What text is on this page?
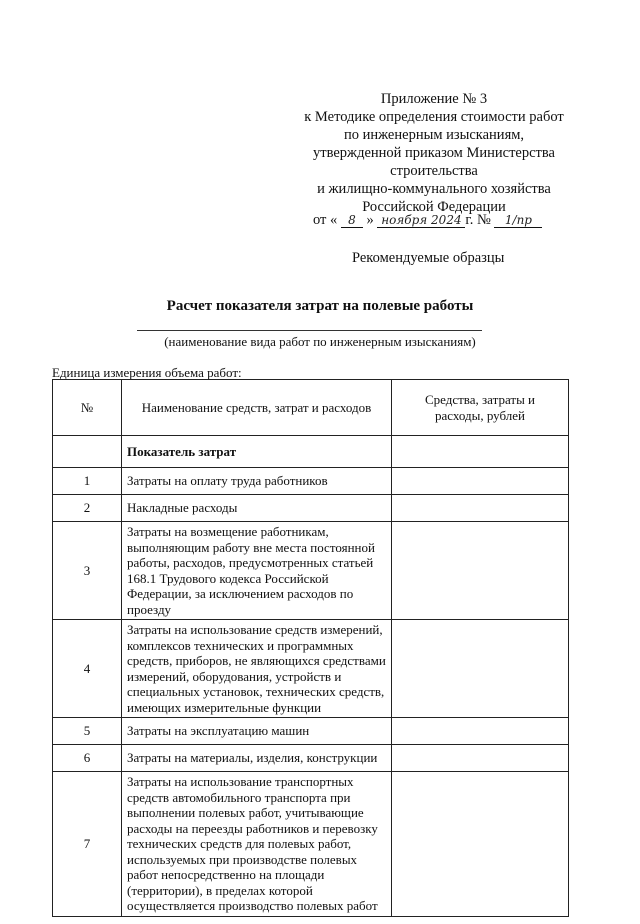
Приложение № 3
к Методике определения стоимости работ
по инженерным изысканиям,
утвержденной приказом Министерства
строительства
и жилищно-коммунального хозяйства
Российской Федерации
от « 8 » ноября 2024 г. № 1/пр
Рекомендуемые образцы
Расчет показателя затрат на полевые работы
(наименование вида работ по инженерным изысканиям)
Единица измерения объема работ:
№	Наименование средств, затрат и расходов	Средства, затраты и расходы, рублей
	Показатель затрат	
1	Затраты на оплату труда работников	
2	Накладные расходы	
3	Затраты на возмещение работникам, выполняющим работу вне места постоянной работы, расходов, предусмотренных статьей 168.1 Трудового кодекса Российской Федерации, за исключением расходов по проезду	
4	Затраты на использование средств измерений, комплексов технических и программных средств, приборов, не являющихся средствами измерений, оборудования, устройств и специальных установок, технических средств, имеющих измерительные функции	
5	Затраты на эксплуатацию машин	
6	Затраты на материалы, изделия, конструкции	
7	Затраты на использование транспортных средств автомобильного транспорта при выполнении полевых работ, учитывающие расходы на переезды работников и перевозку технических средств для полевых работ, используемых при производстве полевых работ непосредственно на площади (территории), в пределах которой осуществляется производство полевых работ	
